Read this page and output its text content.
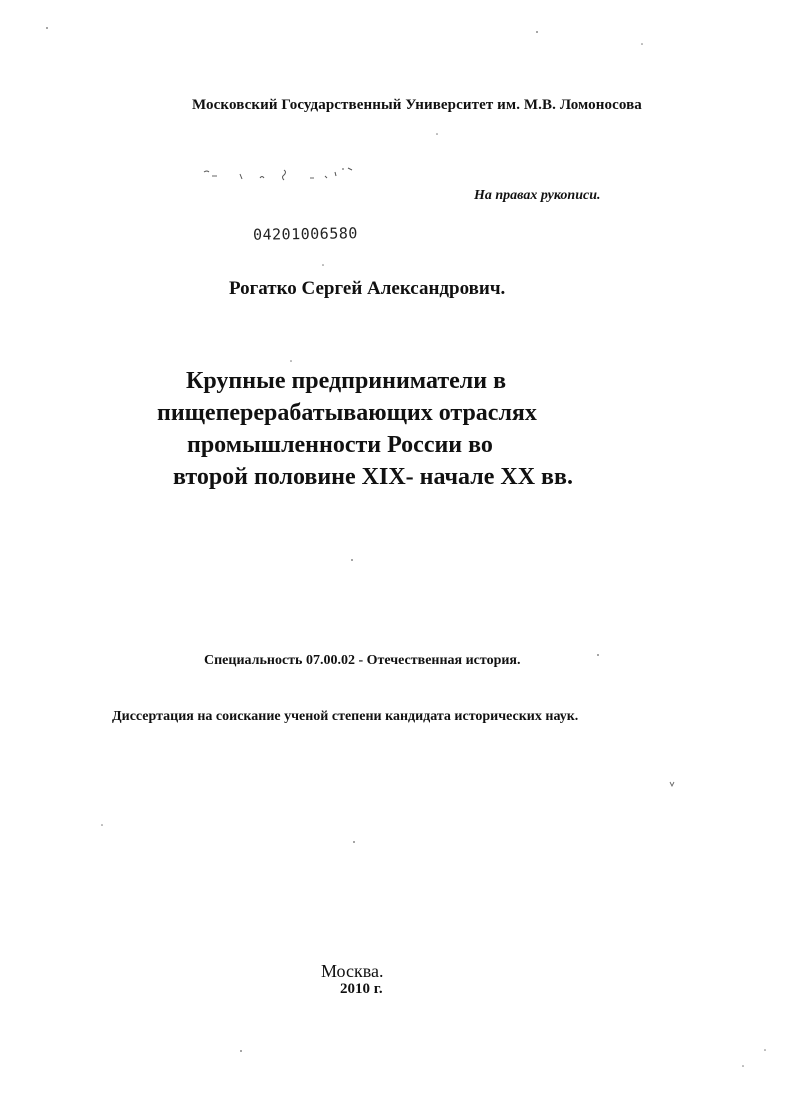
Московский Государственный Университет им. М.В. Ломоносова
На правах рукописи.
04201006580
Рогатко Сергей Александрович.
Крупные предприниматели в
пищеперерабатывающих отраслях
промышленности России во
второй половине XIX- начале XX вв.
Специальность 07.00.02 - Отечественная история.
Диссертация на соискание ученой степени кандидата исторических наук.
Москва.
2010 г.
